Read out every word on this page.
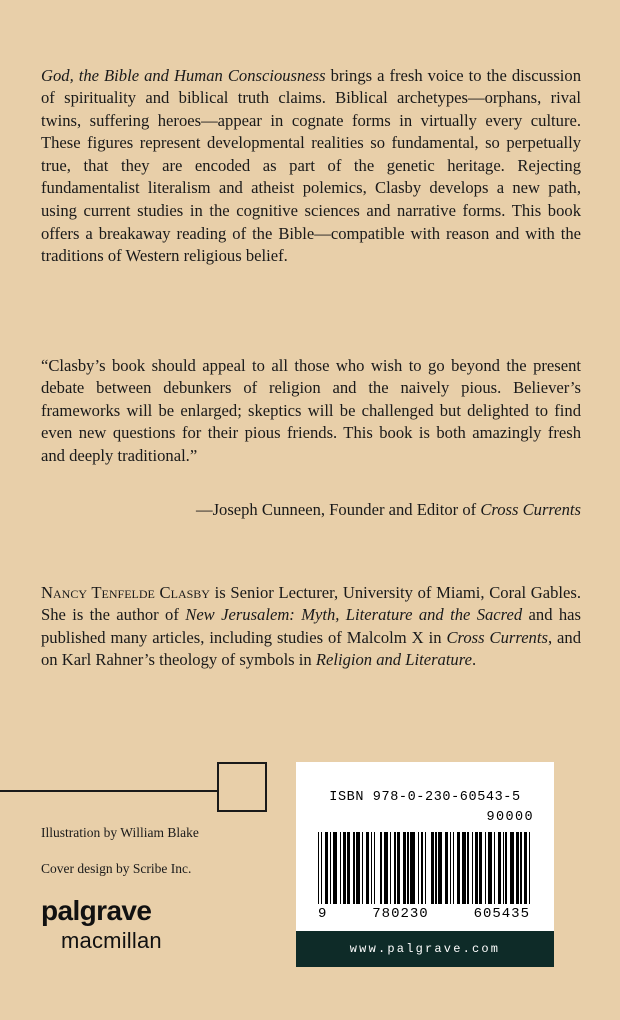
God, the Bible and Human Consciousness brings a fresh voice to the discussion of spirituality and biblical truth claims. Biblical archetypes—orphans, rival twins, suffering heroes—appear in cognate forms in virtually every culture. These figures represent developmental realities so fundamental, so perpetually true, that they are encoded as part of the genetic heritage. Rejecting fundamentalist literalism and atheist polemics, Clasby develops a new path, using current studies in the cognitive sciences and narrative forms. This book offers a breakaway reading of the Bible—compatible with reason and with the traditions of Western religious belief.

“Clasby’s book should appeal to all those who wish to go beyond the present debate between debunkers of religion and the naively pious. Believer’s frameworks will be enlarged; skeptics will be challenged but delighted to find even new questions for their pious friends. This book is both amazingly fresh and deeply traditional.”

—Joseph Cunneen, Founder and Editor of Cross Currents

Nancy Tenfelde Clasby is Senior Lecturer, University of Miami, Coral Gables. She is the author of New Jerusalem: Myth, Literature and the Sacred and has published many articles, including studies of Malcolm X in Cross Currents, and on Karl Rahner’s theology of symbols in Religion and Literature.

Illustration by William Blake
Cover design by Scribe Inc.
palgrave
macmillan
ISBN 978-0-230-60543-5
90000
9	780230	605435
www.palgrave.com
